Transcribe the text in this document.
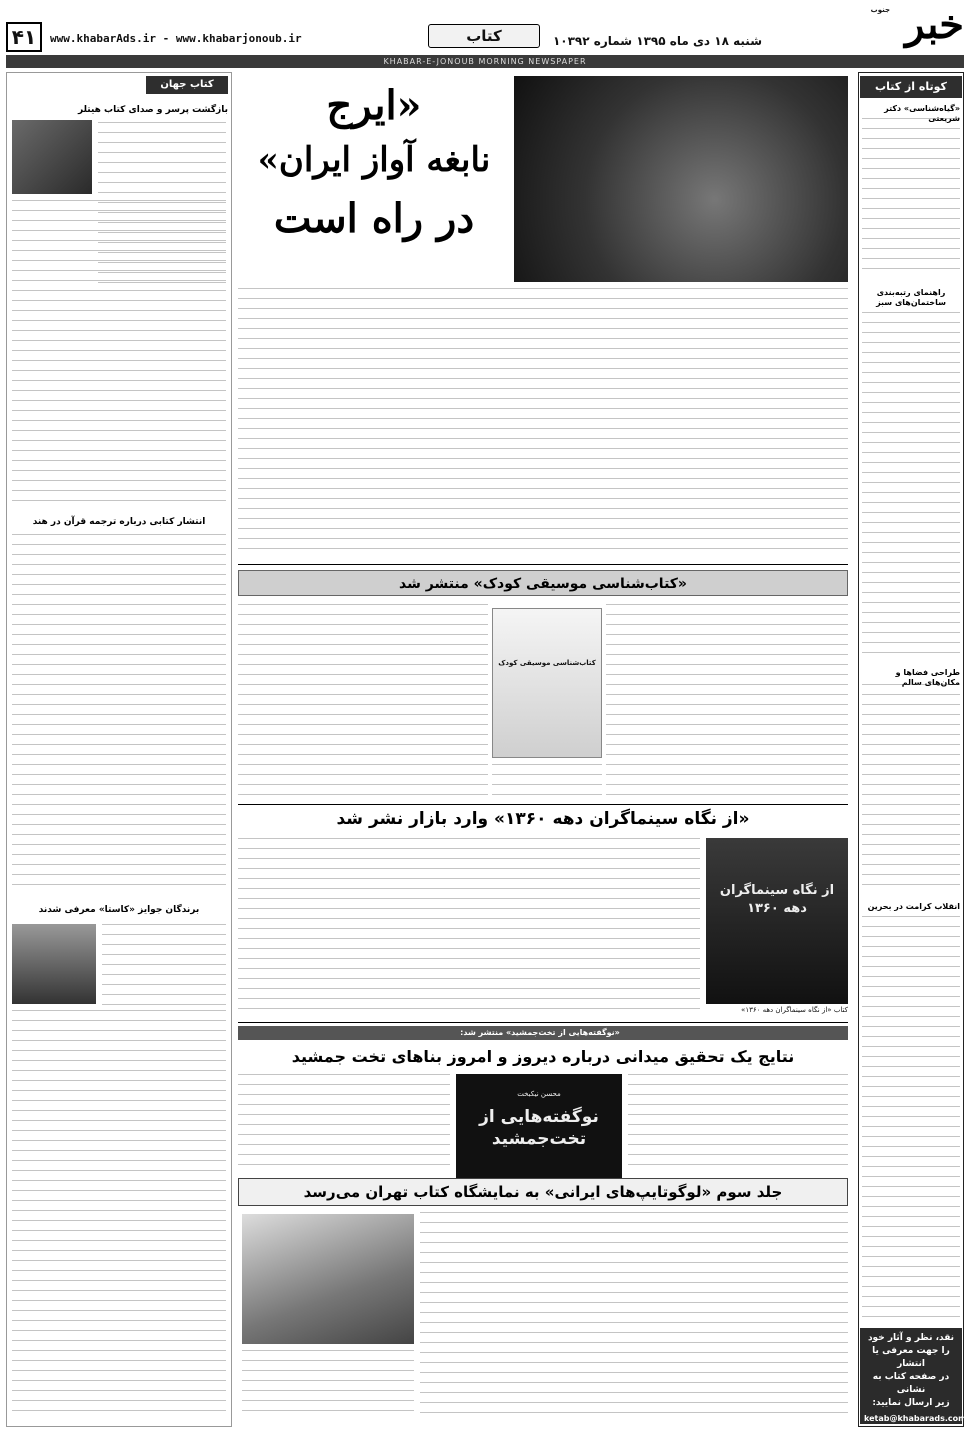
خبر
جنوب
شنبه ۱۸ دی ماه ۱۳۹۵ شماره ۱۰۳۹۲
کتاب
www.khabarAds.ir - www.khabarjonoub.ir
۴۱
KHABAR-E-JONOUB MORNING NEWSPAPER
کوتاه از کتاب
«گیاه‌شناسی» دکتر شریعتی
راهنمای رتبه‌بندی ساختمان‌های سبز
طراحی فضاها و مکان‌های سالم
انقلاب کرامت در بحرین
نقد، نظر و آثار خود
را جهت معرفی یا انتشار
در صفحه کتاب به نشانی
زیر ارسال نمایید:
ketab@khabarads.com
کتاب جهان
بازگشت پرسر و صدای کتاب هیتلر
انتشار کتابی درباره ترجمه قرآن در هند
برندگان جوایز «کاستا» معرفی شدند
«ایرج
نابغه آواز ایران»
در راه است
«کتاب‌شناسی موسیقی کودک» منتشر شد
کتاب‌شناسی موسیقی کودک
«از نگاه سینماگران دهه ۱۳۶۰» وارد بازار نشر شد
از نگاه سینماگران دهه ۱۳۶۰
کتاب «از نگاه سینماگران دهه ۱۳۶۰»
«نوگفته‌هایی از تخت‌جمشید» منتشر شد:
نتایج یک تحقیق میدانی درباره دیروز و امروز بناهای تخت جمشید
محسن نیکبخت
نوگفته‌هایی از
تخت‌جمشید
جلد سوم «لوگوتایپ‌های ایرانی» به نمایشگاه کتاب تهران می‌رسد
